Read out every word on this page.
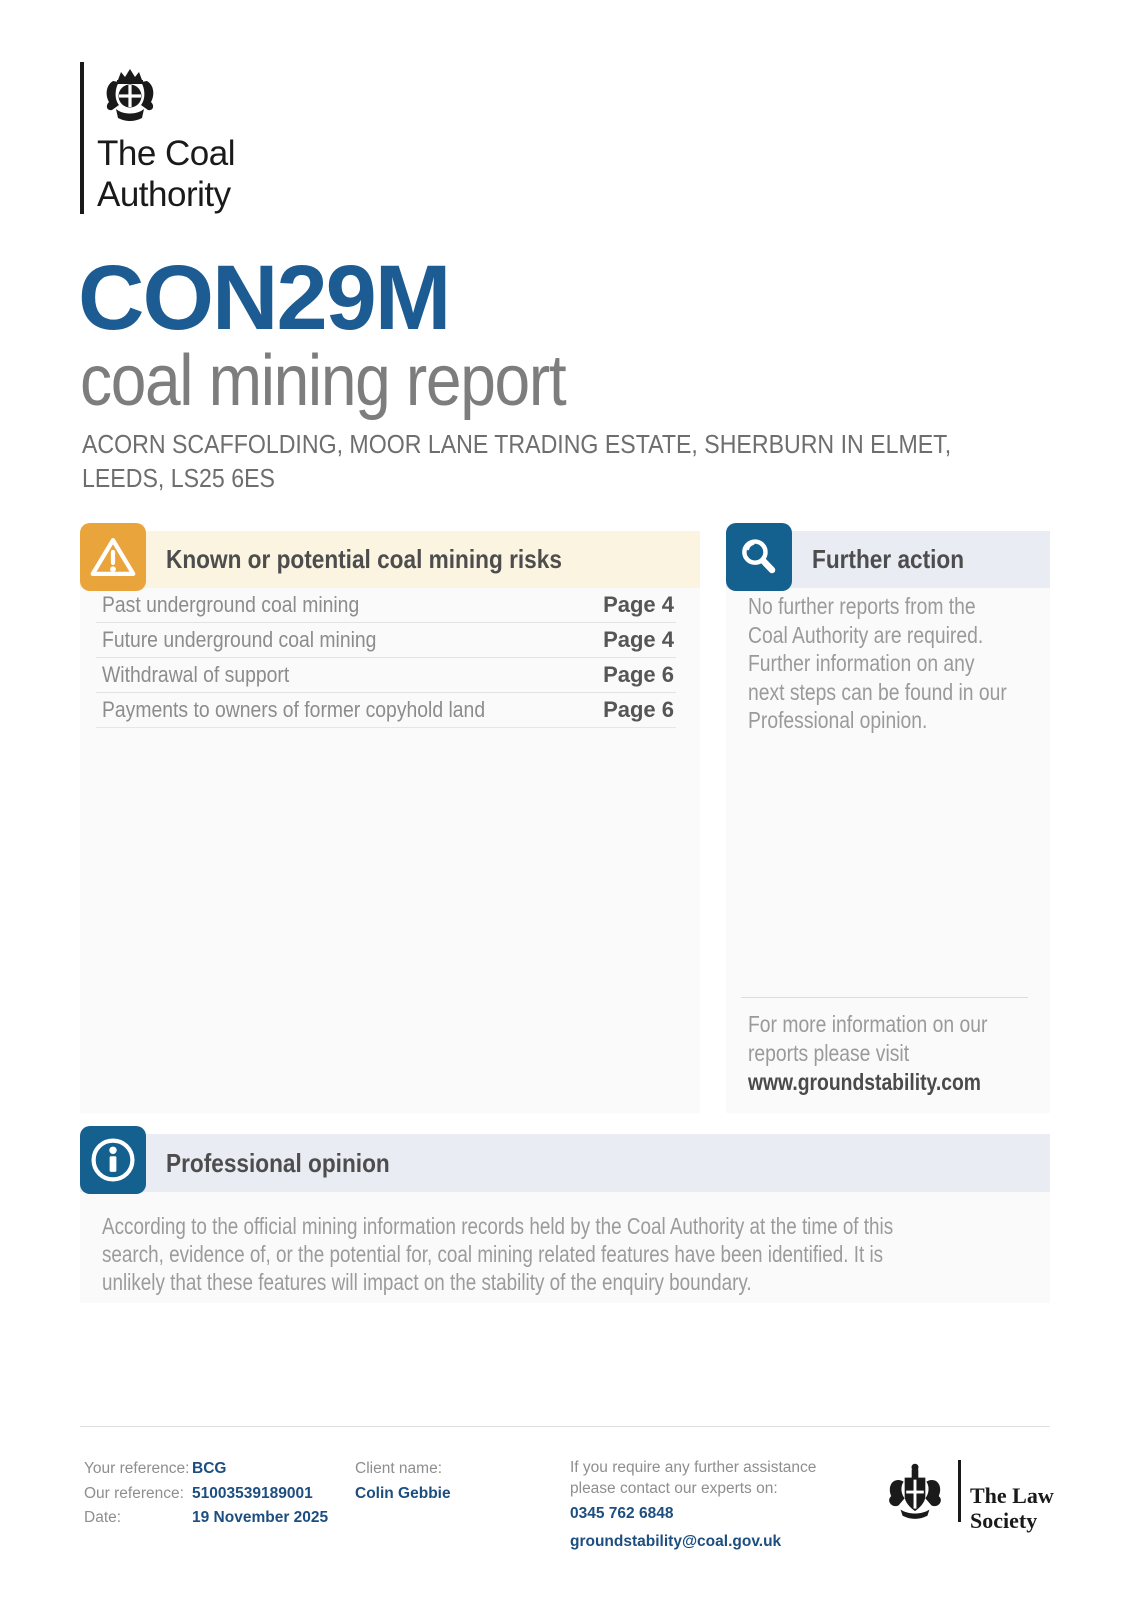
The Coal
Authority
CON29M
coal mining report
ACORN SCAFFOLDING, MOOR LANE TRADING ESTATE, SHERBURN IN ELMET,
LEEDS, LS25 6ES
Known or potential coal mining risks
Past underground coal mining	Page 4
Future underground coal mining	Page 4
Withdrawal of support	Page 6
Payments to owners of former copyhold land	Page 6
Further action
No further reports from the
Coal Authority are required.
Further information on any
next steps can be found in our
Professional opinion.
For more information on our
reports please visit
www.groundstability.com
Professional opinion
According to the official mining information records held by the Coal Authority at the time of this
search, evidence of, or the potential for, coal mining related features have been identified. It is
unlikely that these features will impact on the stability of the enquiry boundary.
Your reference: BCG
Our reference: 51003539189001
Date:	19 November 2025
Client name:
Colin Gebbie
If you require any further assistance
please contact our experts on:
0345 762 6848
groundstability@coal.gov.uk
The Law
Society
